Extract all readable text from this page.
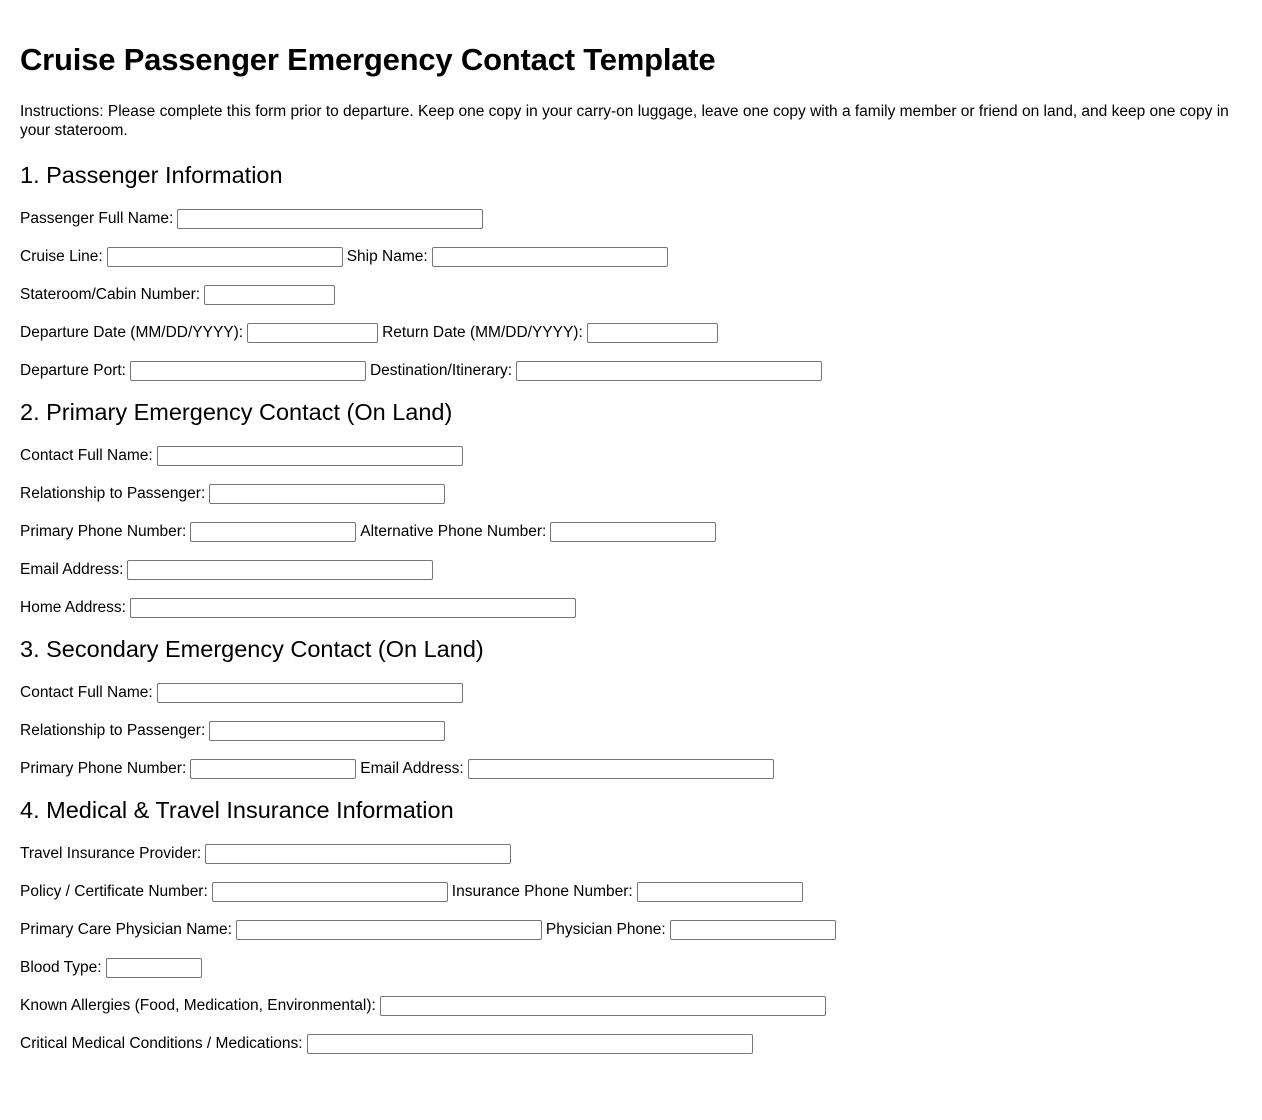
Cruise Passenger Emergency Contact Template

Instructions: Please complete this form prior to departure. Keep one copy in your carry-on luggage, leave one copy with a family member or friend on land, and keep one copy in your stateroom.

1. Passenger Information
Passenger Full Name:
Cruise Line:	Ship Name:
Stateroom/Cabin Number:
Departure Date (MM/DD/YYYY):	Return Date (MM/DD/YYYY):
Departure Port:	Destination/Itinerary:
2. Primary Emergency Contact (On Land)
Contact Full Name:
Relationship to Passenger:
Primary Phone Number:	Alternative Phone Number:
Email Address:
Home Address:
3. Secondary Emergency Contact (On Land)
Contact Full Name:
Relationship to Passenger:
Primary Phone Number:	Email Address:
4. Medical & Travel Insurance Information
Travel Insurance Provider:
Policy / Certificate Number:	Insurance Phone Number:
Primary Care Physician Name:	Physician Phone:
Blood Type:
Known Allergies (Food, Medication, Environmental):
Critical Medical Conditions / Medications:
